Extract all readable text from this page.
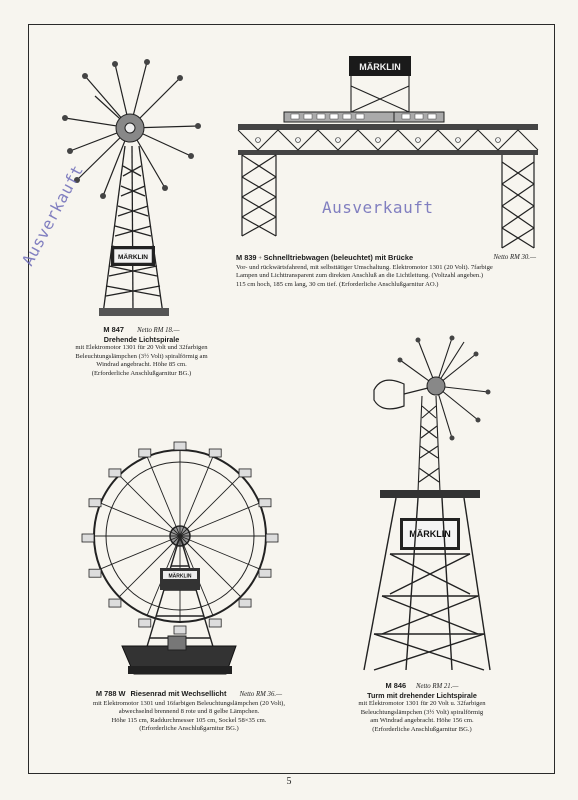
MÄRKLIN
Ausverkauft
MÄRKLIN
Ausverkauft

M 839 + Schnelltriebwagen (beleuchtet) mit Brücke	Netto RM 30.—

Vor- und rückwärtsfahrend, mit selbsttätiger Umschaltung. Elektromotor 1301 (20 Volt). 7farbige

Lampen und Lichttransparent zum direkten Anschluß an die Lichtleitung. (Voltzahl angeben.)

115 cm hoch, 185 cm lang, 30 cm tief. (Erforderliche Anschlußgarnitur AO.)

M 847 Netto RM 18.—

Drehende Lichtspirale

mit Elektromotor 1301 für 20 Volt und 32farbigen

Beleuchtungslämpchen (3½ Volt) spiralförmig am

Windrad angebracht. Höhe 85 cm.

(Erforderliche Anschlußgarnitur BG.)

MÄRKLIN

M 788 W Riesenrad mit Wechsellicht Netto RM 36.—

mit Elektromotor 1301 und 16farbigen Beleuchtungslämpchen (20 Volt),

abwechselnd brennend 8 rote und 8 gelbe Lämpchen.

Höhe 115 cm, Raddurchmesser 105 cm, Sockel 58×35 cm.

(Erforderliche Anschlußgarnitur BG.)

MÄRKLIN

M 846 Netto RM 21.—

Turm mit drehender Lichtspirale

mit Elektromotor 1301 für 20 Volt u. 32farbigen

Beleuchtungslämpchen (3½ Volt) spiralförmig

am Windrad angebracht. Höhe 156 cm.

(Erforderliche Anschlußgarnitur BG.)

5
